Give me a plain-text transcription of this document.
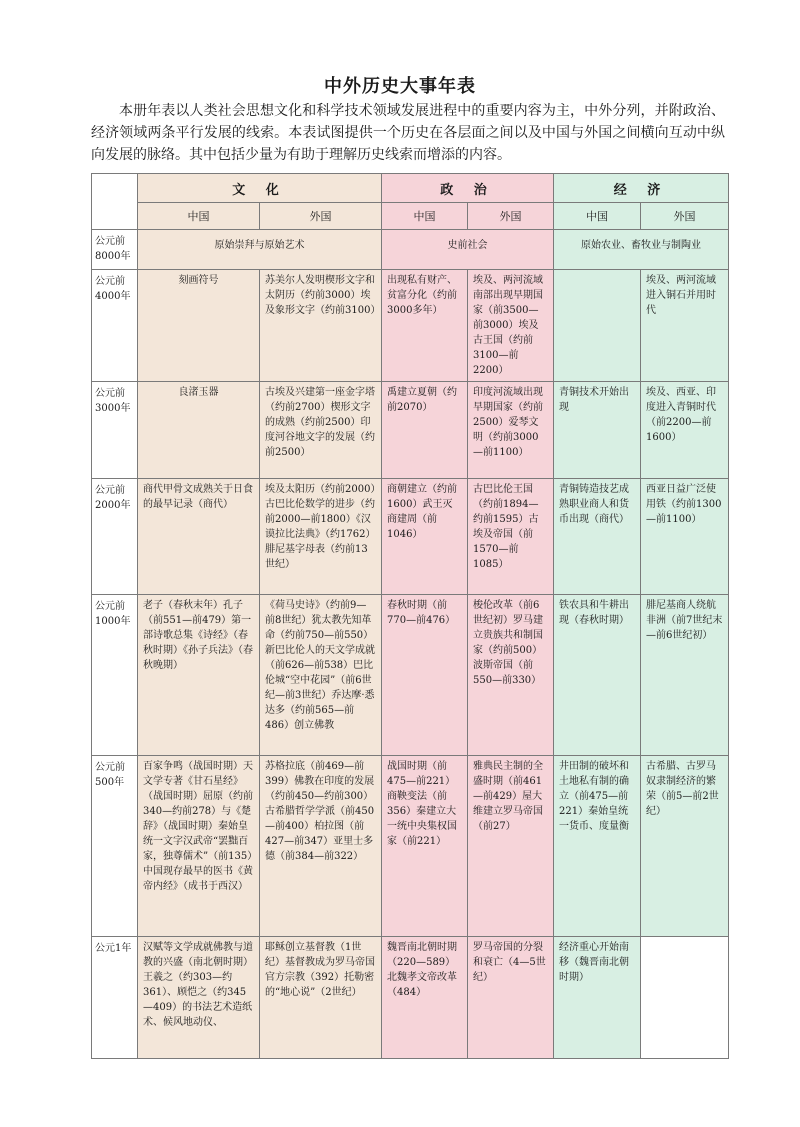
中外历史大事年表
本册年表以人类社会思想文化和科学技术领域发展进程中的重要内容为主，中外分列，并附政治、经济领域两条平行发展的线索。本表试图提供一个历史在各层面之间以及中国与外国之间横向互动中纵向发展的脉络。其中包括少量为有助于理解历史线索而增添的内容。
	文 化		政 治		经 济	
	中国	外国	中国	外国	中国	外国
公元前8000年	原始崇拜与原始艺术		史前社会		原始农业、畜牧业与制陶业	
公元前4000年	刻画符号	苏美尔人发明楔形文字和太阴历（约前3000）埃及象形文字（约前3100）	出现私有财产、贫富分化（约前3000多年）	埃及、两河流域南部出现早期国家（前3500—前3000）埃及古王国（约前3100—前2200）		埃及、两河流域进入铜石并用时代
公元前3000年	良渚玉器	古埃及兴建第一座金字塔（约前2700）楔形文字的成熟（约前2500）印度河谷地文字的发展（约前2500）	禹建立夏朝（约前2070）	印度河流域出现早期国家（约前2500）爱琴文明（约前3000—前1100）	青铜技术开始出现	埃及、西亚、印度进入青铜时代（前2200—前1600）
公元前2000年	商代甲骨文成熟关于日食的最早记录（商代）	埃及太阳历（约前2000）古巴比伦数学的进步（约前2000—前1800）《汉谟拉比法典》（约1762）腓尼基字母表（约前13世纪）	商朝建立（约前1600）武王灭商建周（前1046）	古巴比伦王国（约前1894—约前1595）古埃及帝国（前1570—前1085）	青铜铸造技艺成熟职业商人和货币出现（商代）	西亚日益广泛使用铁（约前1300—前1100）
公元前1000年	老子（春秋末年）孔子（前551—前479）第一部诗歌总集《诗经》（春秋时期）《孙子兵法》（春秋晚期）	《荷马史诗》（约前9—前8世纪）犹太教先知革命（约前750—前550）新巴比伦人的天文学成就（前626—前538）巴比伦城“空中花园”（前6世纪—前3世纪）乔达摩·悉达多（约前565—前486）创立佛教	春秋时期（前770—前476）	梭伦改革（前6世纪初）罗马建立贵族共和制国家（约前500）波斯帝国（前550—前330）	铁农具和牛耕出现（春秋时期）	腓尼基商人绕航非洲（前7世纪末—前6世纪初）
公元前500年	百家争鸣（战国时期）天文学专著《甘石星经》（战国时期）屈原（约前340—约前278）与《楚辞》（战国时期）秦始皇统一文字汉武帝“罢黜百家，独尊儒术”（前135）中国现存最早的医书《黄帝内经》（成书于西汉）	苏格拉底（前469—前399）佛教在印度的发展（约前450—约前300）古希腊哲学学派（前450—前400）柏拉图（前427—前347）亚里士多德（前384—前322）	战国时期（前475—前221）商鞅变法（前356）秦建立大一统中央集权国家（前221）	雅典民主制的全盛时期（前461—前429）屋大维建立罗马帝国（前27）	井田制的破坏和土地私有制的确立（前475—前221）秦始皇统一货币、度量衡	古希腊、古罗马奴隶制经济的繁荣（前5—前2世纪）
公元1年	汉赋等文学成就佛教与道教的兴盛（南北朝时期）王羲之（约303—约361）、顾恺之（约345—409）的书法艺术造纸术、候风地动仪、	耶稣创立基督教（1世纪）基督教成为罗马帝国官方宗教（392）托勒密的“地心说”（2世纪）	魏晋南北朝时期（220—589）北魏孝文帝改革（484）	罗马帝国的分裂和衰亡（4—5世纪）	经济重心开始南移（魏晋南北朝时期）	
